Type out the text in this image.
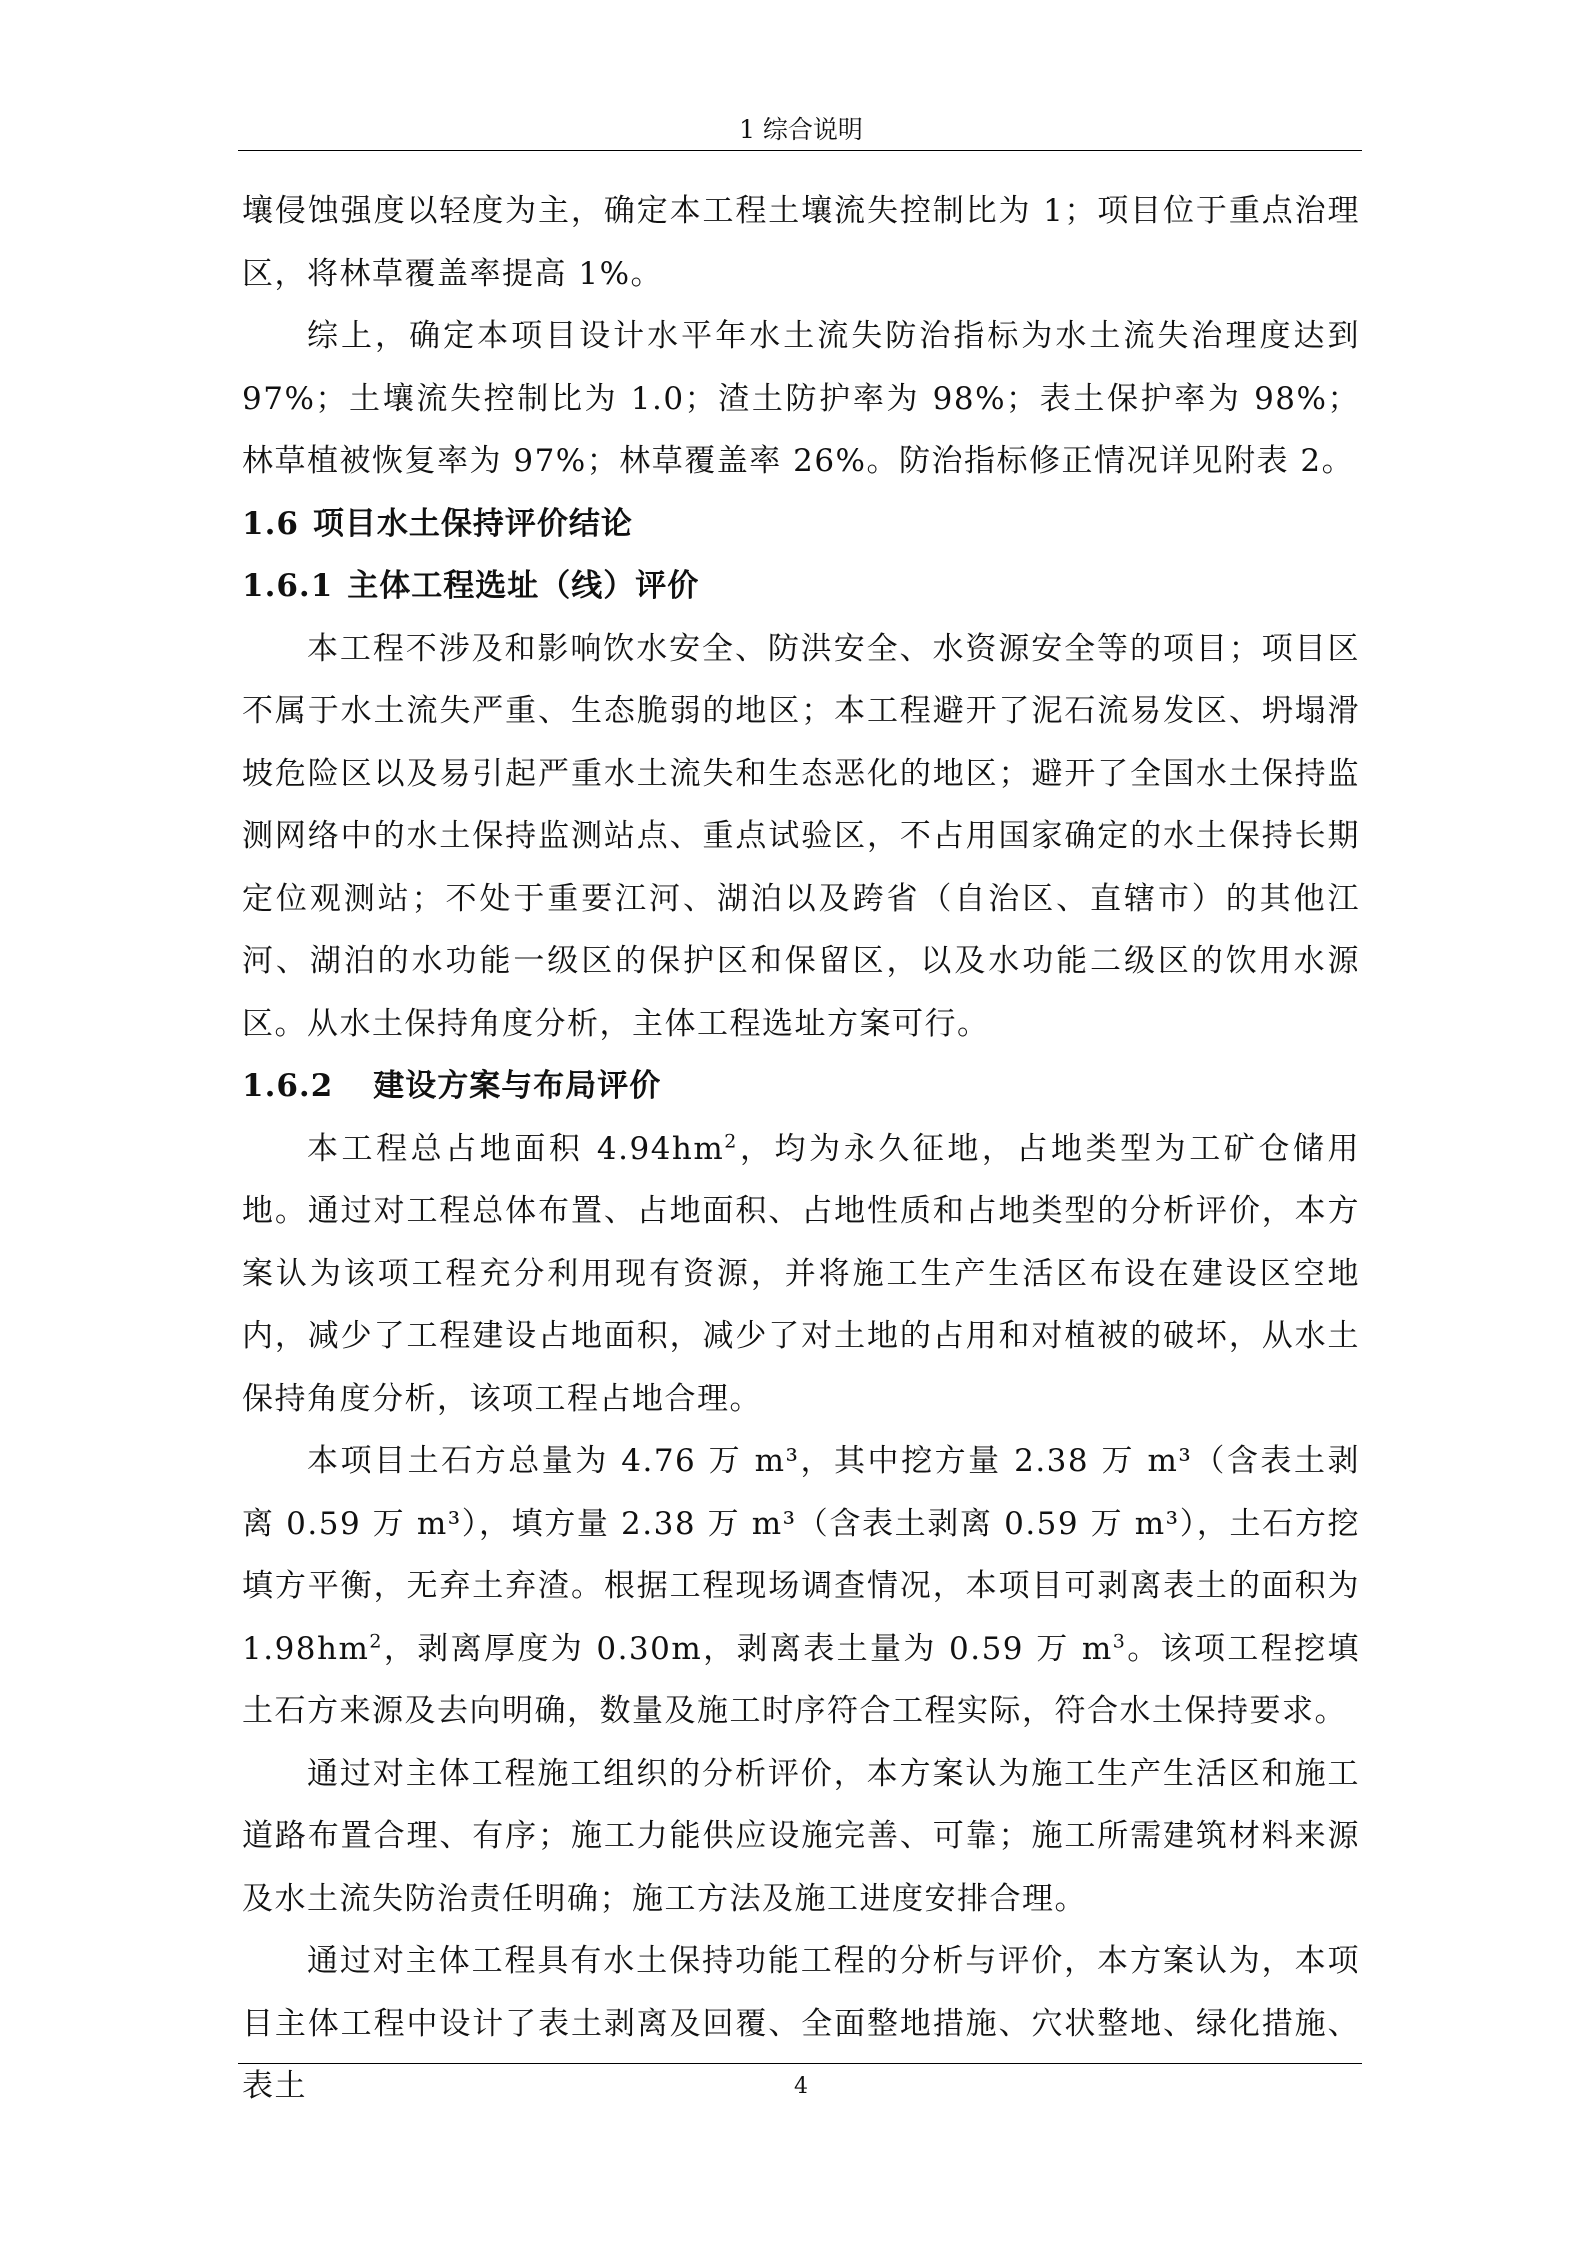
1 综合说明

壤侵蚀强度以轻度为主，确定本工程土壤流失控制比为 1；项目位于重点治理区，将林草覆盖率提高 1%。

综上，确定本项目设计水平年水土流失防治指标为水土流失治理度达到97%；土壤流失控制比为 1.0；渣土防护率为 98%；表土保护率为 98%；林草植被恢复率为 97%；林草覆盖率 26%。防治指标修正情况详见附表 2。

1.6 项目水土保持评价结论

1.6.1 主体工程选址（线）评价

本工程不涉及和影响饮水安全、防洪安全、水资源安全等的项目；项目区不属于水土流失严重、生态脆弱的地区；本工程避开了泥石流易发区、坍塌滑坡危险区以及易引起严重水土流失和生态恶化的地区；避开了全国水土保持监测网络中的水土保持监测站点、重点试验区，不占用国家确定的水土保持长期定位观测站；不处于重要江河、湖泊以及跨省（自治区、直辖市）的其他江河、湖泊的水功能一级区的保护区和保留区，以及水功能二级区的饮用水源区。从水土保持角度分析，主体工程选址方案可行。

1.6.2 建设方案与布局评价

本工程总占地面积 $4.94hm^2$，均为永久征地，占地类型为工矿仓储用地。通过对工程总体布置、占地面积、占地性质和占地类型的分析评价，本方案认为该项工程充分利用现有资源，并将施工生产生活区布设在建设区空地内，减少了工程建设占地面积，减少了对土地的占用和对植被的破坏，从水土保持角度分析，该项工程占地合理。

本项目土石方总量为 4.76 万 m³，其中挖方量 2.38 万 m³（含表土剥离 0.59 万 m³），填方量 2.38 万 m³（含表土剥离 0.59 万 m³），土石方挖填方平衡，无弃土弃渣。根据工程现场调查情况，本项目可剥离表土的面积为 $1.98hm^2$，剥离厚度为 0.30m，剥离表土量为 0.59 万 $m^3$。该项工程挖填土石方来源及去向明确，数量及施工时序符合工程实际，符合水土保持要求。

通过对主体工程施工组织的分析评价，本方案认为施工生产生活区和施工道路布置合理、有序；施工力能供应设施完善、可靠；施工所需建筑材料来源及水土流失防治责任明确；施工方法及施工进度安排合理。

通过对主体工程具有水土保持功能工程的分析与评价，本方案认为，本项目主体工程中设计了表土剥离及回覆、全面整地措施、穴状整地、绿化措施、表土	4
